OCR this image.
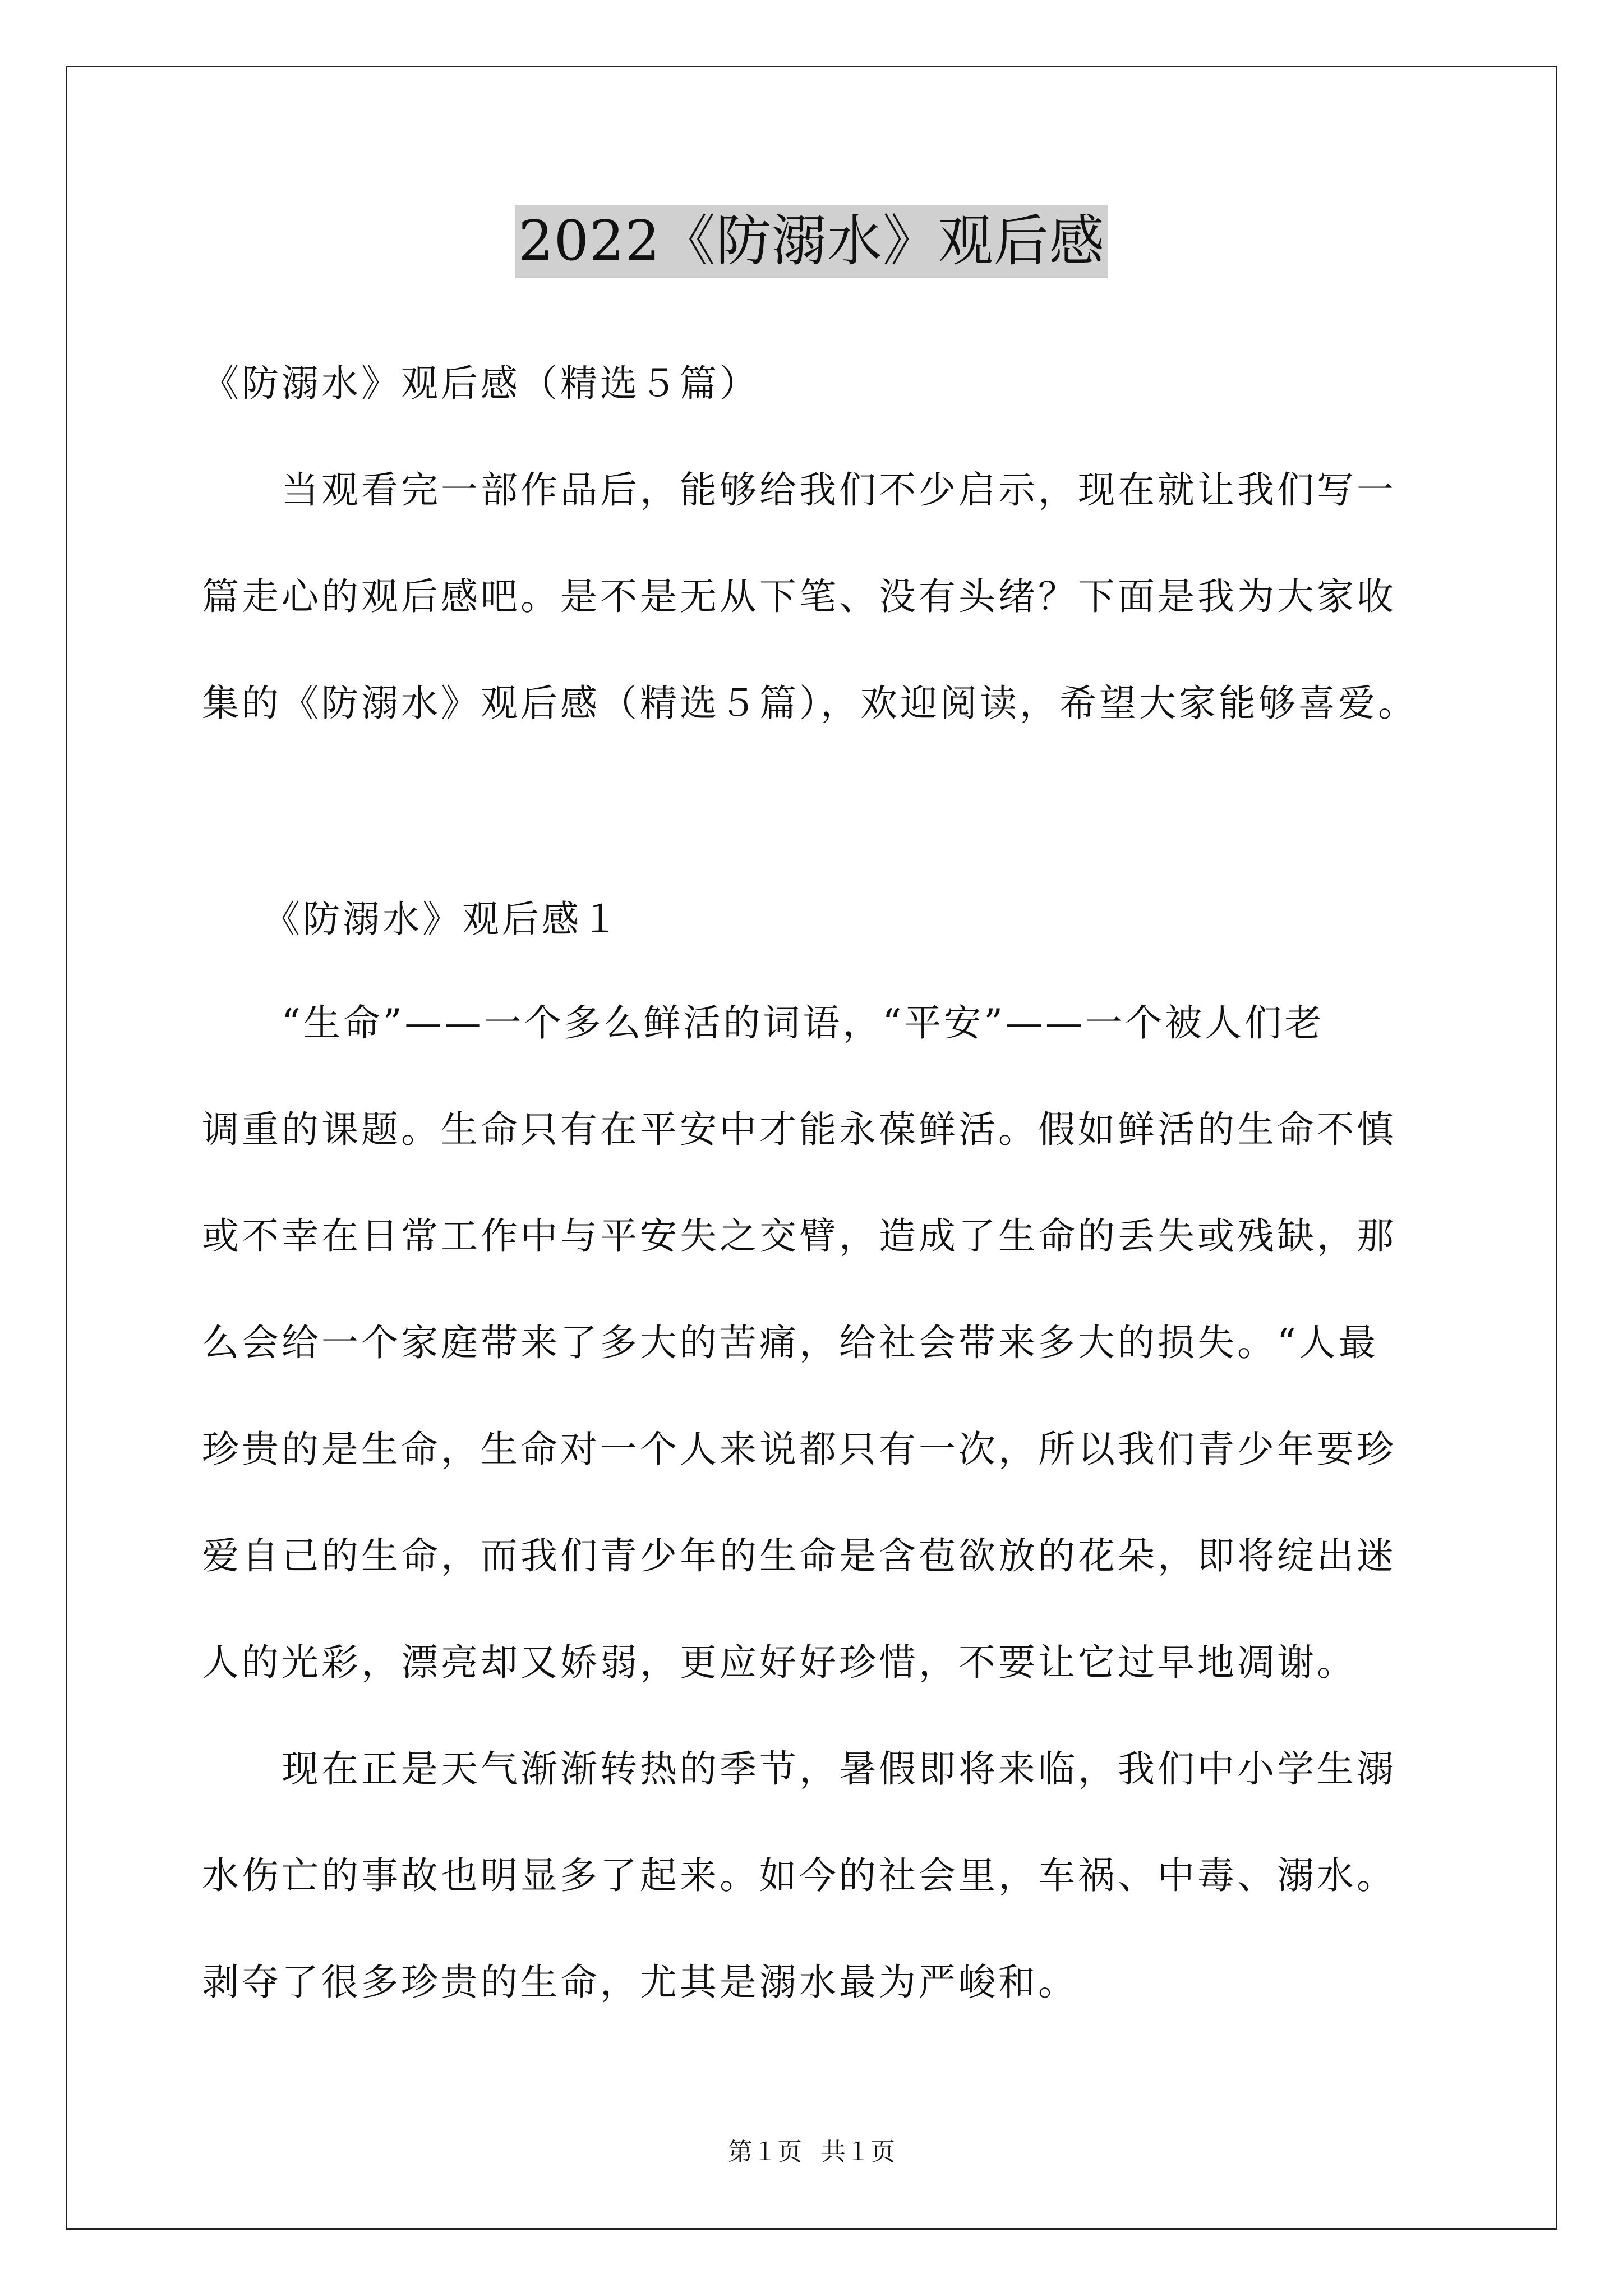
2022《防溺水》观后感
《防溺水》观后感（精选５篇）
　　当观看完一部作品后，能够给我们不少启示，现在就让我们写一
篇走心的观后感吧。是不是无从下笔、没有头绪？下面是我为大家收
集的《防溺水》观后感（精选５篇），欢迎阅读，希望大家能够喜爱。
　　《防溺水》观后感１
　　“生命”——一个多么鲜活的词语，“平安”——一个被人们老
调重的课题。生命只有在平安中才能永葆鲜活。假如鲜活的生命不慎
或不幸在日常工作中与平安失之交臂，造成了生命的丢失或残缺，那
么会给一个家庭带来了多大的苦痛，给社会带来多大的损失。“人最
珍贵的是生命，生命对一个人来说都只有一次，所以我们青少年要珍
爱自己的生命，而我们青少年的生命是含苞欲放的花朵，即将绽出迷
人的光彩，漂亮却又娇弱，更应好好珍惜，不要让它过早地凋谢。
　　现在正是天气渐渐转热的季节，暑假即将来临，我们中小学生溺
水伤亡的事故也明显多了起来。如今的社会里，车祸、中毒、溺水。
剥夺了很多珍贵的生命，尤其是溺水最为严峻和。
第１页 共１页
